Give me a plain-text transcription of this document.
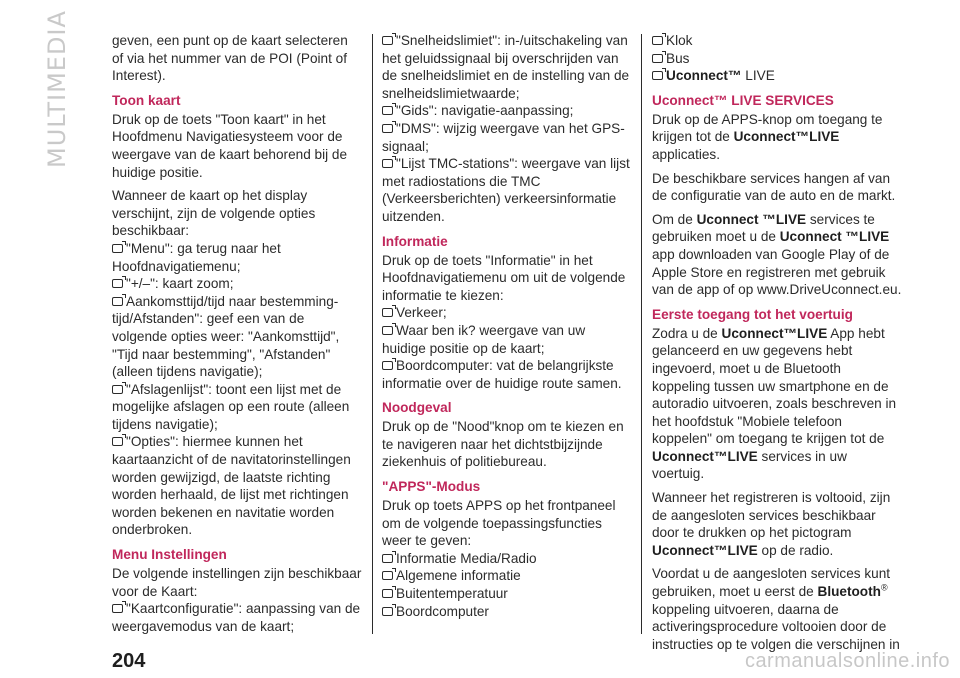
MULTIMEDIA	geven, een punt op de kaart selecteren of via het nummer van de POI (Point of Interest).

Toon kaart

Druk op de toets "Toon kaart" in het Hoofdmenu Navigatiesysteem voor de weergave van de kaart behorend bij de huidige positie.

Wanneer de kaart op het display verschijnt, zijn de volgende opties beschikbaar:

"Menu": ga terug naar het Hoofdnavigatiemenu;
"+/–": kaart zoom;
Aankomsttijd/tijd naar bestemming-tijd/Afstanden": geef een van de volgende opties weer: "Aankomsttijd", "Tijd naar bestemming", "Afstanden" (alleen tijdens navigatie);
"Afslagenlijst": toont een lijst met de mogelijke afslagen op een route (alleen tijdens navigatie);
"Opties": hiermee kunnen het kaartaanzicht of de navitatorinstellingen worden gewijzigd, de laatste richting worden herhaald, de lijst met richtingen worden bekenen en navitatie worden onderbroken.
Menu Instellingen

De volgende instellingen zijn beschikbaar voor de Kaart:

"Kaartconfiguratie": aanpassing van de weergavemodus van de kaart;
"Snelheidslimiet": in-/uitschakeling van het geluidssignaal bij overschrijden van de snelheidslimiet en de instelling van de snelheidslimietwaarde;
"Gids": navigatie-aanpassing;
"DMS": wijzig weergave van het GPS-signaal;
"Lijst TMC-stations": weergave van lijst met radiostations die TMC (Verkeersberichten) verkeersinformatie uitzenden.
Informatie

Druk op de toets "Informatie" in het Hoofdnavigatiemenu om uit de volgende informatie te kiezen:

Verkeer;
Waar ben ik? weergave van uw huidige positie op de kaart;
Boordcomputer: vat de belangrijkste informatie over de huidige route samen.
Noodgeval

Druk op de "Nood"knop om te kiezen en te navigeren naar het dichtstbijzijnde ziekenhuis of politiebureau.

"APPS"-Modus

Druk op toets APPS op het frontpaneel om de volgende toepassingsfuncties weer te geven:

Informatie Media/Radio
Algemene informatie
Buitentemperatuur
Boordcomputer
Klok
Bus
Uconnect™ LIVE
Uconnect™ LIVE SERVICES

Druk op de APPS-knop om toegang te krijgen tot de Uconnect™LIVE applicaties.

De beschikbare services hangen af van de configuratie van de auto en de markt.

Om de Uconnect ™LIVE services te gebruiken moet u de Uconnect ™LIVE app downloaden van Google Play of de Apple Store en registreren met gebruik van de app of op www.DriveUconnect.eu.

Eerste toegang tot het voertuig

Zodra u de Uconnect™LIVE App hebt gelanceerd en uw gegevens hebt ingevoerd, moet u de Bluetooth koppeling tussen uw smartphone en de autoradio uitvoeren, zoals beschreven in het hoofdstuk "Mobiele telefoon koppelen" om toegang te krijgen tot de Uconnect™LIVE services in uw voertuig.

Wanneer het registreren is voltooid, zijn de aangesloten services beschikbaar door te drukken op het pictogram Uconnect™LIVE op de radio.

Voordat u de aangesloten services kunt gebruiken, moet u eerst de Bluetooth® koppeling uitvoeren, daarna de activeringsprocedure voltooien door de instructies op te volgen die verschijnen in

204	carmanualsonline.info
